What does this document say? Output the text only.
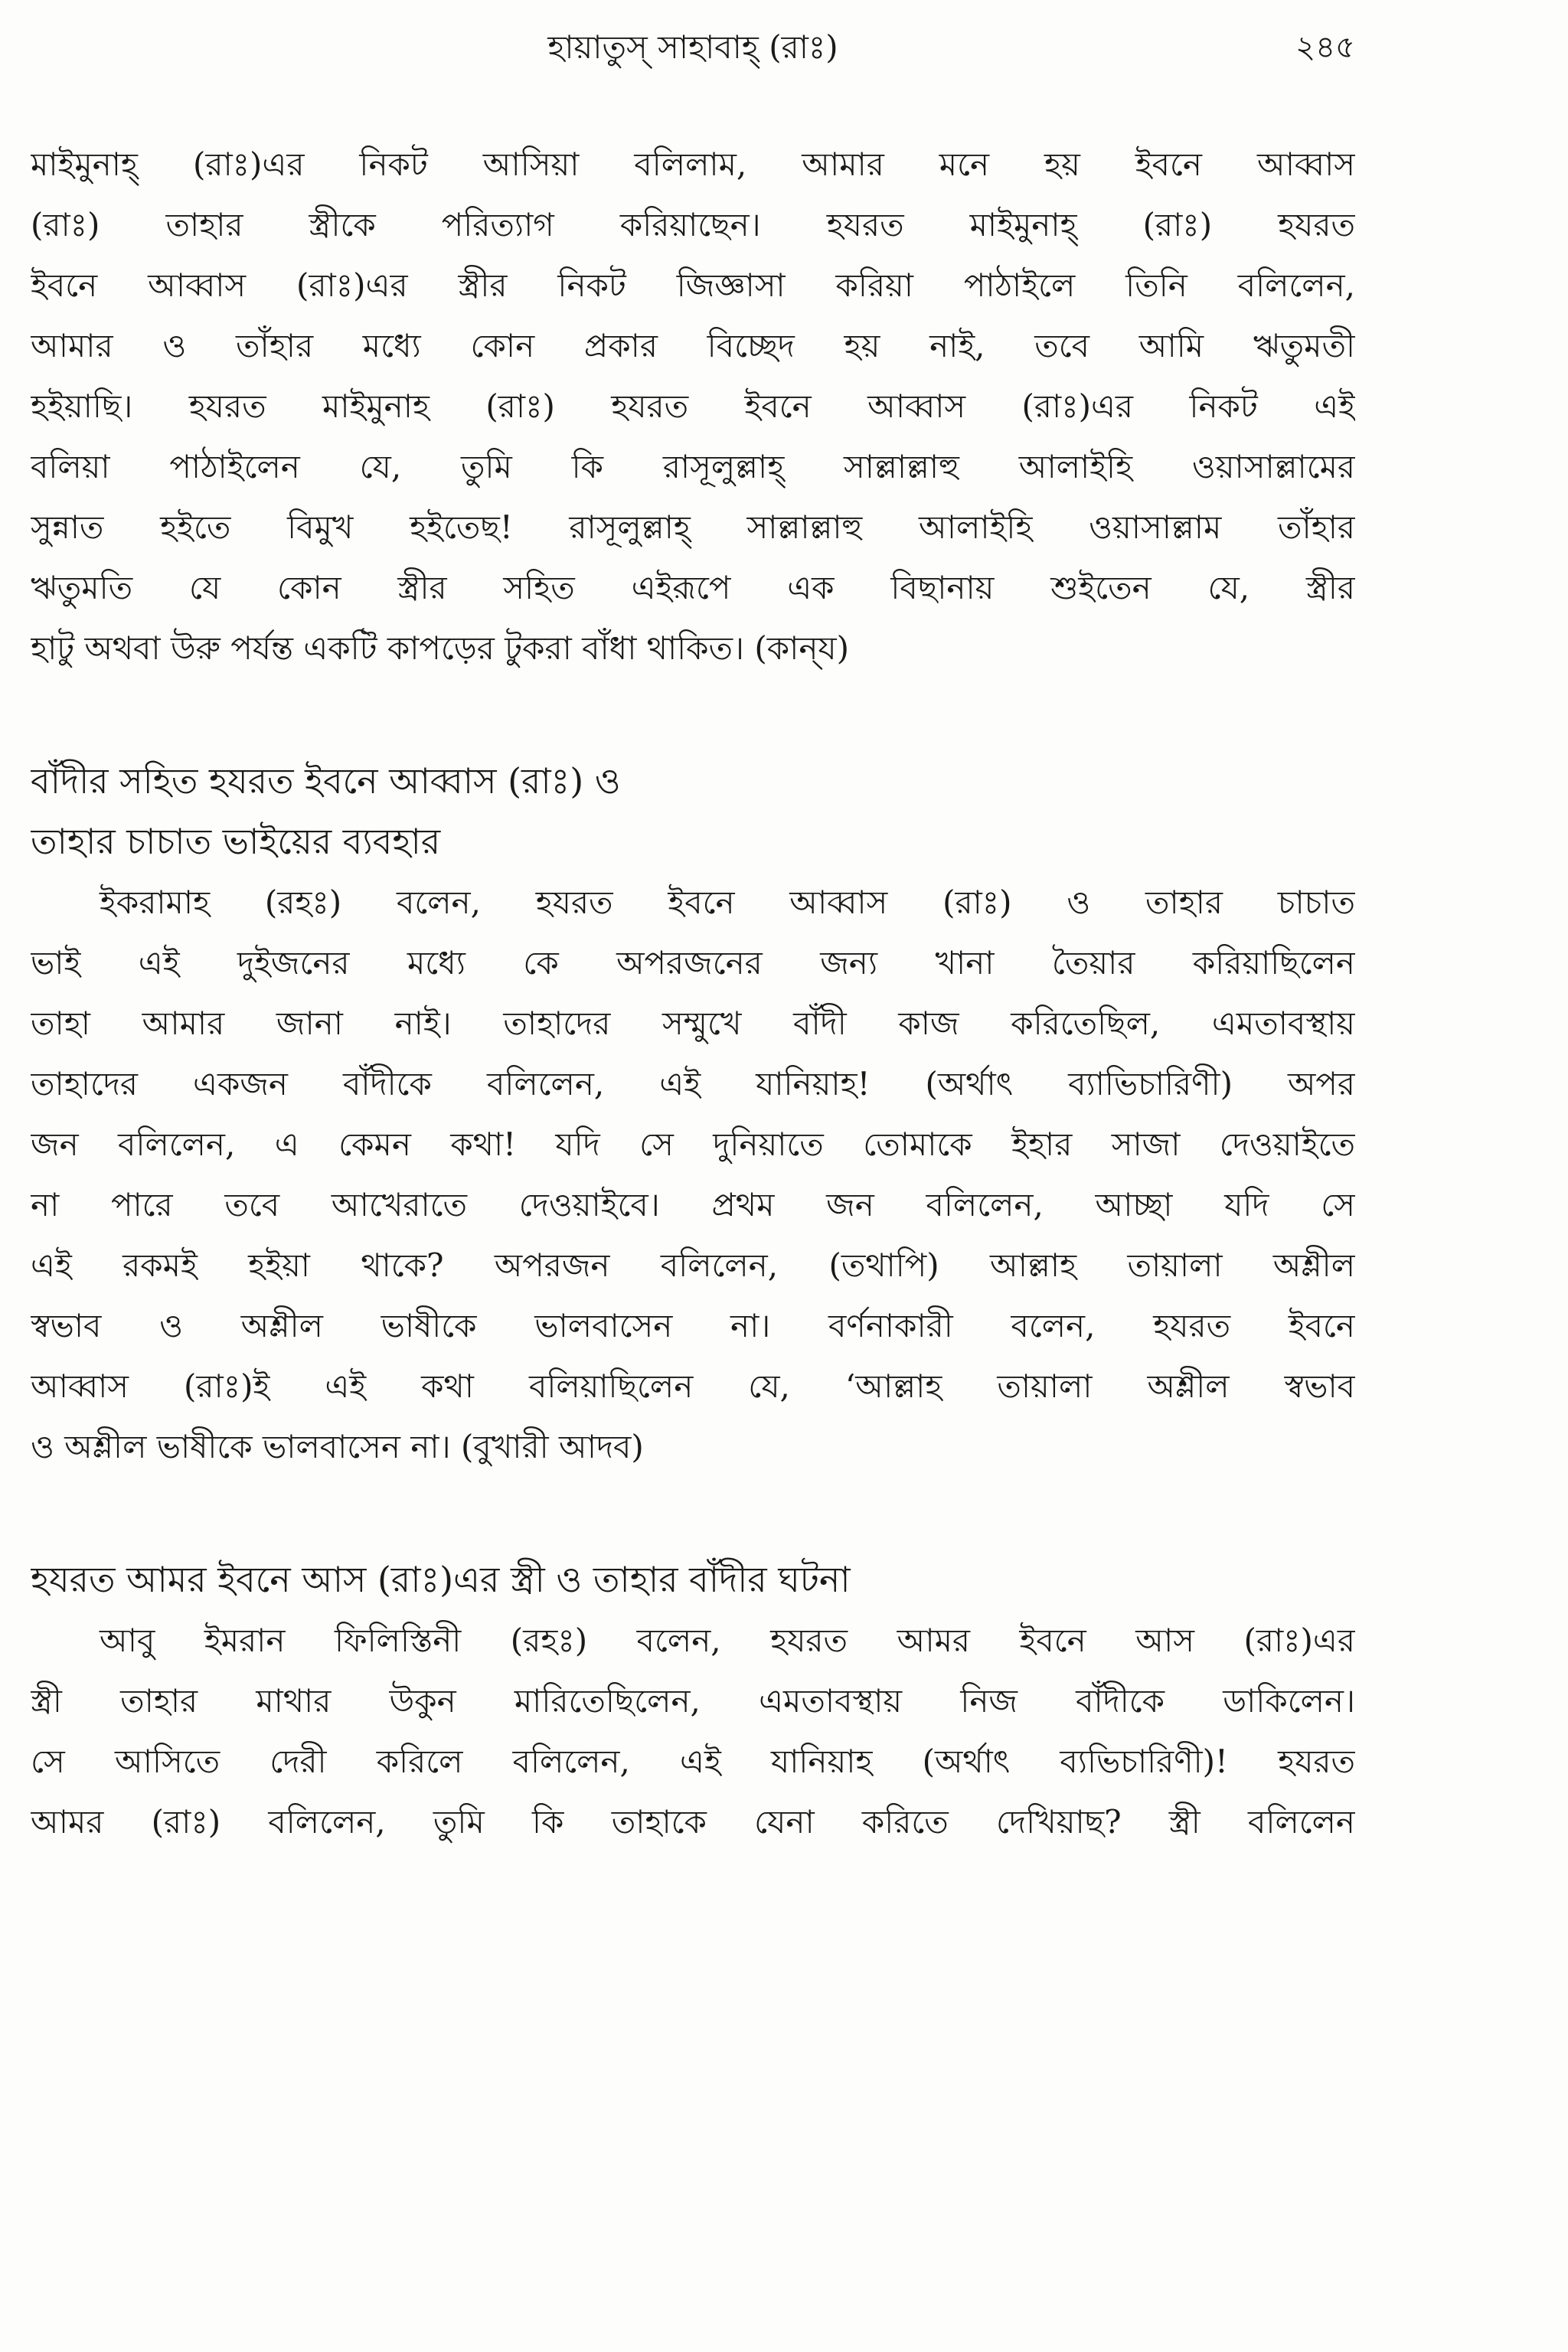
হায়াতুস্‌ সাহাবাহ্‌ (রাঃ)	২৪৫
মাইমুনাহ্‌ (রাঃ)এর নিকট আসিয়া বলিলাম, আমার মনে হয় ইবনে আব্বাস
(রাঃ) তাহার স্ত্রীকে পরিত্যাগ করিয়াছেন। হযরত মাইমুনাহ্‌ (রাঃ) হযরত
ইবনে আব্বাস (রাঃ)এর স্ত্রীর নিকট জিজ্ঞাসা করিয়া পাঠাইলে তিনি বলিলেন,
আমার ও তাঁহার মধ্যে কোন প্রকার বিচ্ছেদ হয় নাই, তবে আমি ঋতুমতী
হইয়াছি। হযরত মাইমুনাহ (রাঃ) হযরত ইবনে আব্বাস (রাঃ)এর নিকট এই
বলিয়া পাঠাইলেন যে, তুমি কি রাসূলুল্লাহ্‌ সাল্লাল্লাহু আলাইহি ওয়াসাল্লামের
সুন্নাত হইতে বিমুখ হইতেছ! রাসূলুল্লাহ্‌ সাল্লাল্লাহু আলাইহি ওয়াসাল্লাম তাঁহার
ঋতুমতি যে কোন স্ত্রীর সহিত এইরূপে এক বিছানায় শুইতেন যে, স্ত্রীর
হাটু অথবা উরু পর্যন্ত একটি কাপড়ের টুকরা বাঁধা থাকিত। (কান্‌য)
বাঁদীর সহিত হযরত ইবনে আব্বাস (রাঃ) ও
তাহার চাচাত ভাইয়ের ব্যবহার
ইকরামাহ (রহঃ) বলেন, হযরত ইবনে আব্বাস (রাঃ) ও তাহার চাচাত
ভাই এই দুইজনের মধ্যে কে অপরজনের জন্য খানা তৈয়ার করিয়াছিলেন
তাহা আমার জানা নাই। তাহাদের সম্মুখে বাঁদী কাজ করিতেছিল, এমতাবস্থায়
তাহাদের একজন বাঁদীকে বলিলেন, এই যানিয়াহ! (অর্থাৎ ব্যাভিচারিণী) অপর
জন বলিলেন, এ কেমন কথা! যদি সে দুনিয়াতে তোমাকে ইহার সাজা দেওয়াইতে
না পারে তবে আখেরাতে দেওয়াইবে। প্রথম জন বলিলেন, আচ্ছা যদি সে
এই রকমই হইয়া থাকে? অপরজন বলিলেন, (তথাপি) আল্লাহ তায়ালা অশ্লীল
স্বভাব ও অশ্লীল ভাষীকে ভালবাসেন না। বর্ণনাকারী বলেন, হযরত ইবনে
আব্বাস (রাঃ)ই এই কথা বলিয়াছিলেন যে, ‘আল্লাহ তায়ালা অশ্লীল স্বভাব
ও অশ্লীল ভাষীকে ভালবাসেন না। (বুখারী আদব)
হযরত আমর ইবনে আস (রাঃ)এর স্ত্রী ও তাহার বাঁদীর ঘটনা
আবু ইমরান ফিলিস্তিনী (রহঃ) বলেন, হযরত আমর ইবনে আস (রাঃ)এর
স্ত্রী তাহার মাথার উকুন মারিতেছিলেন, এমতাবস্থায় নিজ বাঁদীকে ডাকিলেন।
সে আসিতে দেরী করিলে বলিলেন, এই যানিয়াহ (অর্থাৎ ব্যভিচারিণী)! হযরত
আমর (রাঃ) বলিলেন, তুমি কি তাহাকে যেনা করিতে দেখিয়াছ? স্ত্রী বলিলেন
